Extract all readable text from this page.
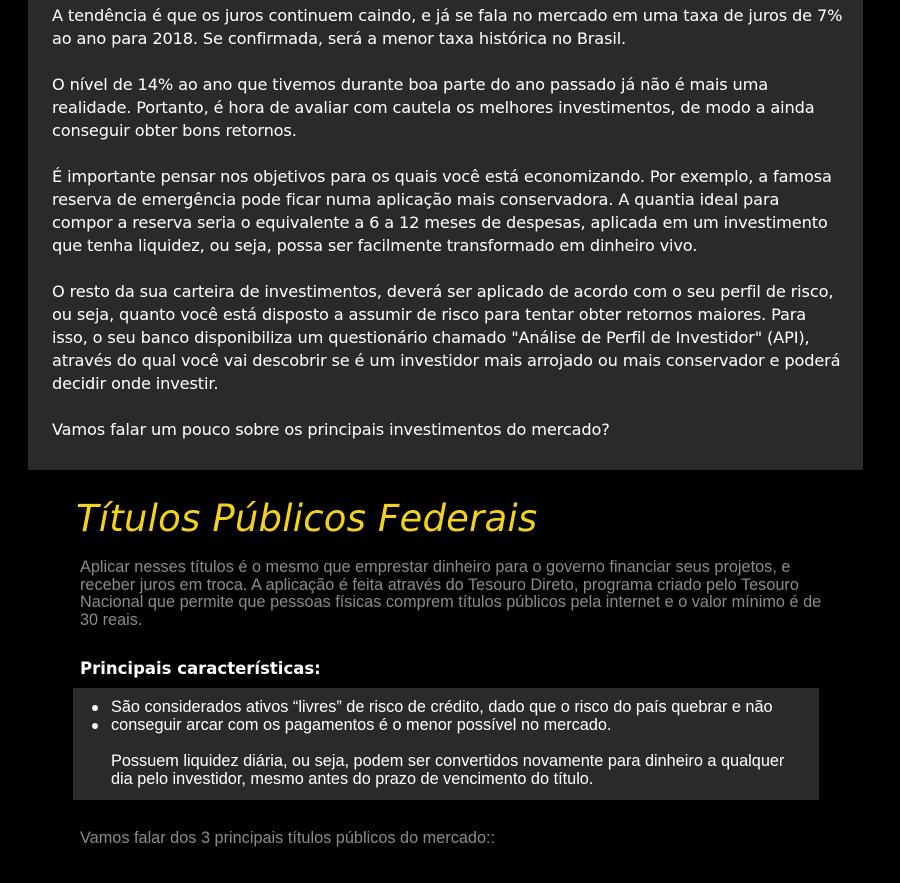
A tendência é que os juros continuem caindo, e já se fala no mercado em uma taxa de juros de 7% ao ano para 2018. Se confirmada, será a menor taxa histórica no Brasil.

O nível de 14% ao ano que tivemos durante boa parte do ano passado já não é mais uma realidade. Portanto, é hora de avaliar com cautela os melhores investimentos, de modo a ainda conseguir obter bons retornos.

É importante pensar nos objetivos para os quais você está economizando. Por exemplo, a famosa reserva de emergência pode ficar numa aplicação mais conservadora. A quantia ideal para compor a reserva seria o equivalente a 6 a 12 meses de despesas, aplicada em um investimento que tenha liquidez, ou seja, possa ser facilmente transformado em dinheiro vivo.

O resto da sua carteira de investimentos, deverá ser aplicado de acordo com o seu perfil de risco, ou seja, quanto você está disposto a assumir de risco para tentar obter retornos maiores. Para isso, o seu banco disponibiliza um questionário chamado "Análise de Perfil de Investidor" (API), através do qual você vai descobrir se é um investidor mais arrojado ou mais conservador e poderá decidir onde investir.

Vamos falar um pouco sobre os principais investimentos do mercado?

Títulos Públicos Federais

Aplicar nesses títulos é o mesmo que emprestar dinheiro para o governo financiar seus projetos, e receber juros em troca. A aplicação é feita através do Tesouro Direto, programa criado pelo Tesouro Nacional que permite que pessoas físicas comprem títulos públicos pela internet e o valor mínimo é de 30 reais.

Principais características:
São considerados ativos “livres” de risco de crédito, dado que o risco do país quebrar e não conseguir arcar com os pagamentos é o menor possível no mercado.
Possuem liquidez diária, ou seja, podem ser convertidos novamente para dinheiro a qualquer dia pelo investidor, mesmo antes do prazo de vencimento do título.

Vamos falar dos 3 principais títulos públicos do mercado::
